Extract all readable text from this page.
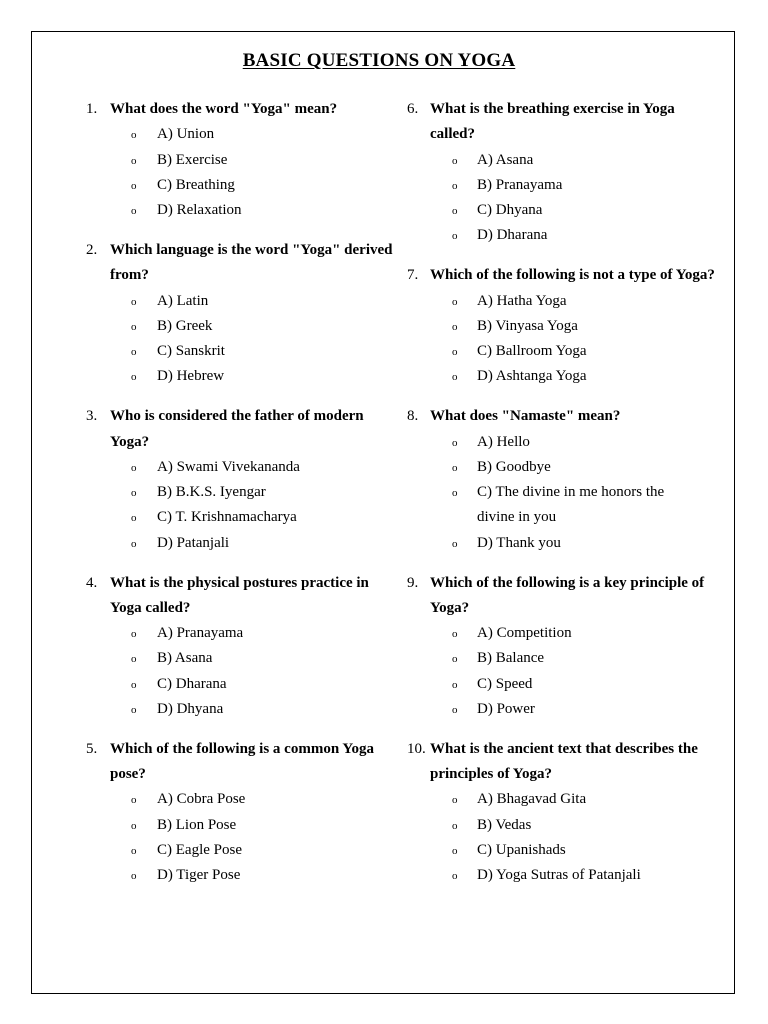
BASIC QUESTIONS ON YOGA
1. What does the word "Yoga" mean?
o A) Union
o B) Exercise
o C) Breathing
o D) Relaxation
2. Which language is the word "Yoga" derived from?
o A) Latin
o B) Greek
o C) Sanskrit
o D) Hebrew
3. Who is considered the father of modern Yoga?
o A) Swami Vivekananda
o B) B.K.S. Iyengar
o C) T. Krishnamacharya
o D) Patanjali
4. What is the physical postures practice in Yoga called?
o A) Pranayama
o B) Asana
o C) Dharana
o D) Dhyana
5. Which of the following is a common Yoga pose?
o A) Cobra Pose
o B) Lion Pose
o C) Eagle Pose
o D) Tiger Pose
6. What is the breathing exercise in Yoga called?
o A) Asana
o B) Pranayama
o C) Dhyana
o D) Dharana
7. Which of the following is not a type of Yoga?
o A) Hatha Yoga
o B) Vinyasa Yoga
o C) Ballroom Yoga
o D) Ashtanga Yoga
8. What does "Namaste" mean?
o A) Hello
o B) Goodbye
o C) The divine in me honors the divine in you
o D) Thank you
9. Which of the following is a key principle of Yoga?
o A) Competition
o B) Balance
o C) Speed
o D) Power
10. What is the ancient text that describes the principles of Yoga?
o A) Bhagavad Gita
o B) Vedas
o C) Upanishads
o D) Yoga Sutras of Patanjali
